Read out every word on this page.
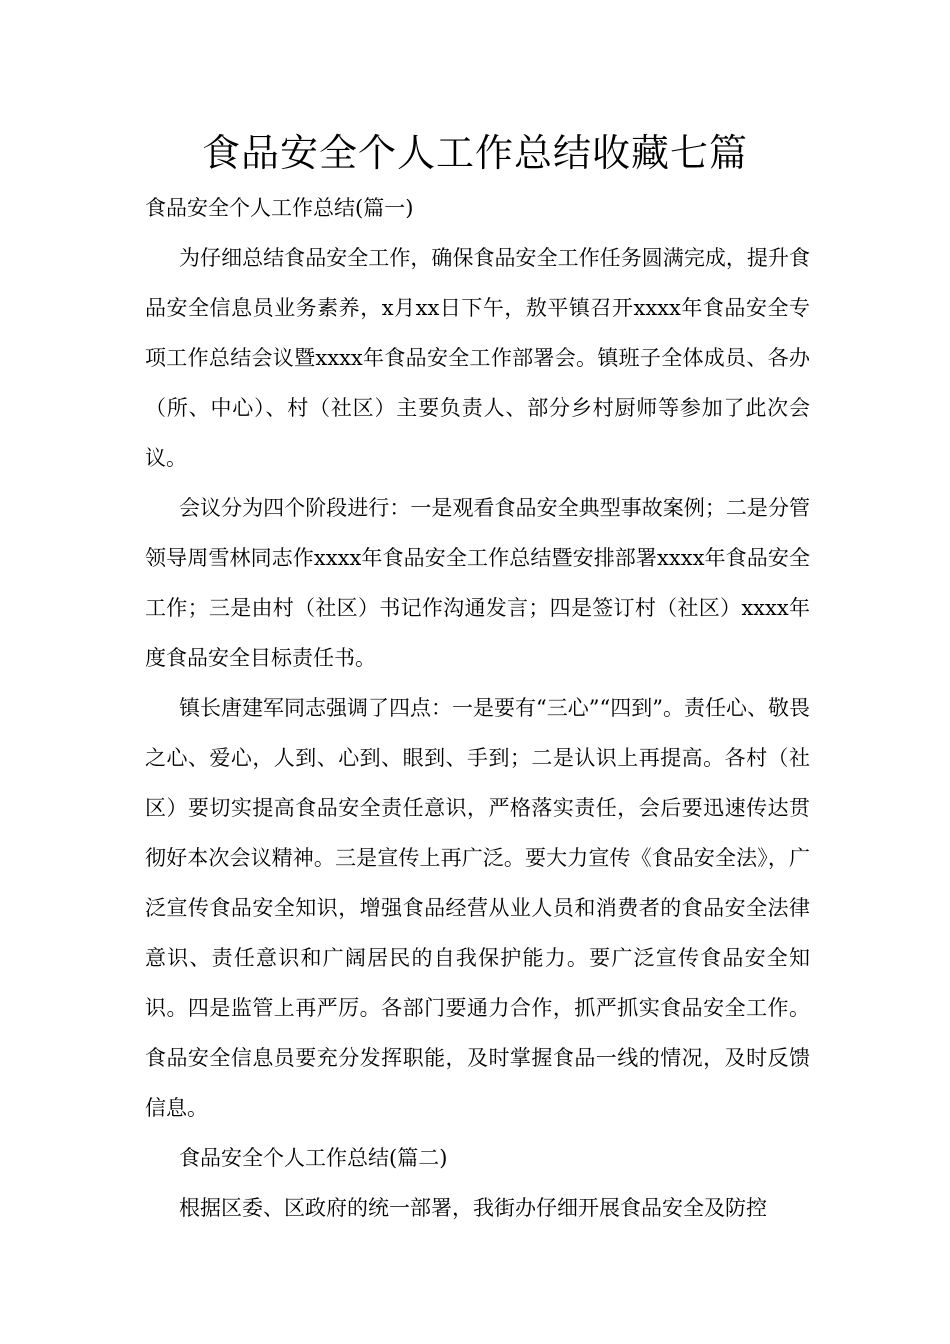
食品安全个人工作总结收藏七篇

食品安全个人工作总结(篇一)

为仔细总结食品安全工作，确保食品安全工作任务圆满完成，提升食品安全信息员业务素养，x月xx日下午，敖平镇召开xxxx年食品安全专项工作总结会议暨xxxx年食品安全工作部署会。镇班子全体成员、各办（所、中心）、村（社区）主要负责人、部分乡村厨师等参加了此次会议。

会议分为四个阶段进行：一是观看食品安全典型事故案例；二是分管领导周雪林同志作xxxx年食品安全工作总结暨安排部署xxxx年食品安全工作；三是由村（社区）书记作沟通发言；四是签订村（社区）xxxx年度食品安全目标责任书。

镇长唐建军同志强调了四点：一是要有“三心”“四到”。责任心、敬畏之心、爱心，人到、心到、眼到、手到；二是认识上再提高。各村（社区）要切实提高食品安全责任意识，严格落实责任，会后要迅速传达贯彻好本次会议精神。三是宣传上再广泛。要大力宣传《食品安全法》，广泛宣传食品安全知识，增强食品经营从业人员和消费者的食品安全法律意识、责任意识和广阔居民的自我保护能力。要广泛宣传食品安全知识。四是监管上再严厉。各部门要通力合作，抓严抓实食品安全工作。食品安全信息员要充分发挥职能，及时掌握食品一线的情况，及时反馈信息。

食品安全个人工作总结(篇二)

根据区委、区政府的统一部署，我街办仔细开展食品安全及防控
